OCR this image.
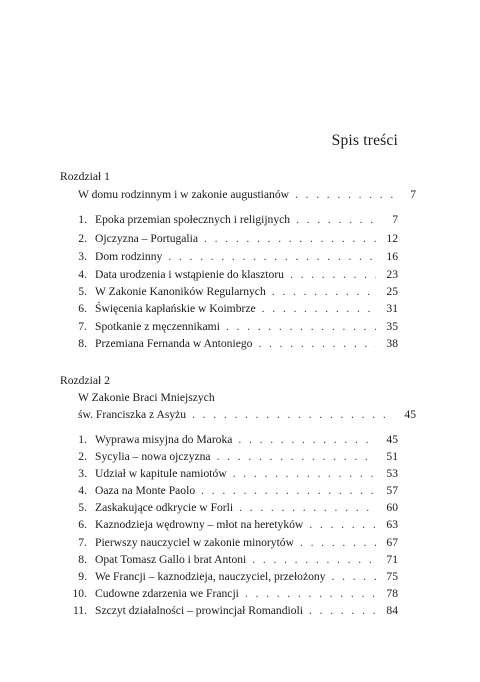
Spis treści
Rozdział 1
W domu rodzinnym i w zakonie augustianów . . .	7
1. Epoka przemian społecznych i religijnych . . .	7
2. Ojczyzna – Portugalia . . .	12
3. Dom rodzinny . . .	16
4. Data urodzenia i wstąpienie do klasztoru . . .	23
5. W Zakonie Kanoników Regularnych . . .	25
6. Święcenia kapłańskie w Koimbrze . . .	31
7. Spotkanie z męczennikami . . .	35
8. Przemiana Fernanda w Antoniego . . .	38
Rozdział 2
W Zakonie Braci Mniejszych
św. Franciszka z Asyżu . . .	45
1. Wyprawa misyjna do Maroka . . .	45
2. Sycylia – nowa ojczyzna . . .	51
3. Udział w kapitule namiotów . . .	53
4. Oaza na Monte Paolo . . .	57
5. Zaskakujące odkrycie w Forli . . .	60
6. Kaznodzieja wędrowny – młot na heretyków . . .	63
7. Pierwszy nauczyciel w zakonie minorytów . . .	67
8. Opat Tomasz Gallo i brat Antoni . . .	71
9. We Francji – kaznodzieja, nauczyciel, przełożony . . .	75
10. Cudowne zdarzenia we Francji . . .	78
11. Szczyt działalności – prowincjał Romandioli . . .	84
